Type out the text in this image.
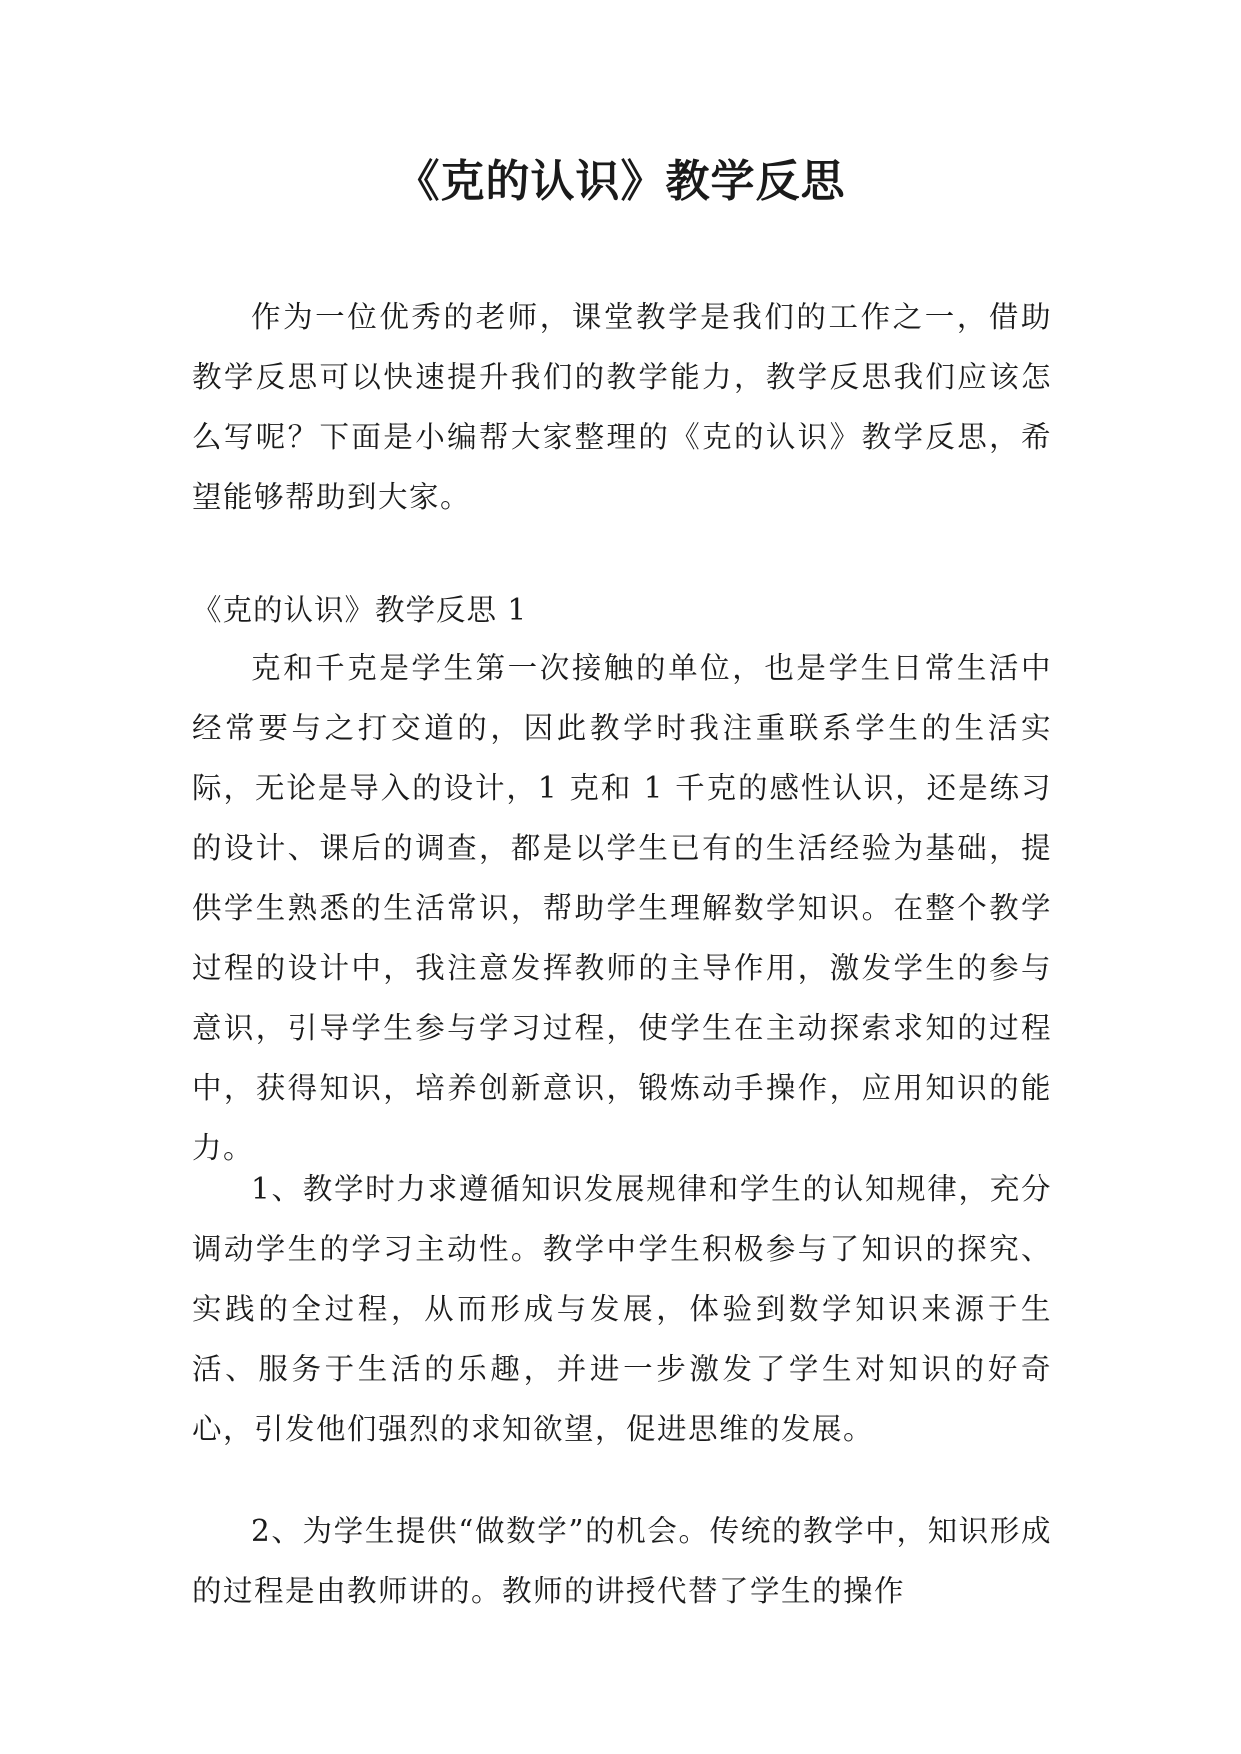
《克的认识》教学反思

作为一位优秀的老师，课堂教学是我们的工作之一，借助教学反思可以快速提升我们的教学能力，教学反思我们应该怎么写呢？下面是小编帮大家整理的《克的认识》教学反思，希望能够帮助到大家。

《克的认识》教学反思 1

克和千克是学生第一次接触的单位，也是学生日常生活中经常要与之打交道的，因此教学时我注重联系学生的生活实际，无论是导入的设计，1 克和 1 千克的感性认识，还是练习的设计、课后的调查，都是以学生已有的生活经验为基础，提供学生熟悉的生活常识，帮助学生理解数学知识。在整个教学过程的设计中，我注意发挥教师的主导作用，激发学生的参与意识，引导学生参与学习过程，使学生在主动探索求知的过程中，获得知识，培养创新意识，锻炼动手操作，应用知识的能力。

1、教学时力求遵循知识发展规律和学生的认知规律，充分调动学生的学习主动性。教学中学生积极参与了知识的探究、实践的全过程，从而形成与发展，体验到数学知识来源于生活、服务于生活的乐趣，并进一步激发了学生对知识的好奇心，引发他们强烈的求知欲望，促进思维的发展。

2、为学生提供“做数学”的机会。传统的教学中，知识形成的过程是由教师讲的。教师的讲授代替了学生的操作
